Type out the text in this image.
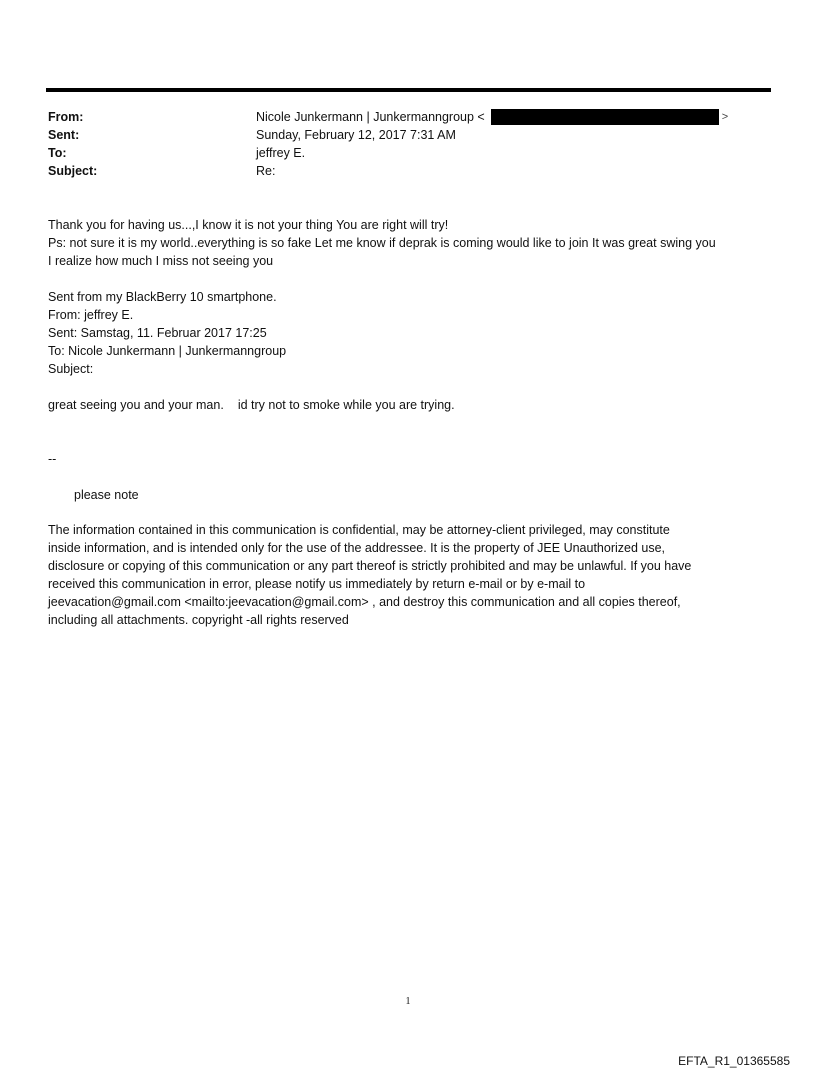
From:	Nicole Junkermann | Junkermanngroup <	>
Sent:	Sunday, February 12, 2017 7:31 AM
To:	jeffrey E.
Subject:	Re:
Thank you for having us...,I know it is not your thing You are right will try!
Ps: not sure it is my world..everything is so fake Let me know if deprak is coming would like to join It was great swing you
I realize how much I miss not seeing you
Sent from my BlackBerry 10 smartphone.
From: jeffrey E.
Sent: Samstag, 11. Februar 2017 17:25
To: Nicole Junkermann | Junkermanngroup
Subject:
great seeing you and your man. id try not to smoke while you are trying.
--
please note
The information contained in this communication is confidential, may be attorney-client privileged, may constitute
inside information, and is intended only for the use of the addressee. It is the property of JEE Unauthorized use,
disclosure or copying of this communication or any part thereof is strictly prohibited and may be unlawful. If you have
received this communication in error, please notify us immediately by return e-mail or by e-mail to
jeevacation@gmail.com <mailto:jeevacation@gmail.com> , and destroy this communication and all copies thereof,
including all attachments. copyright -all rights reserved
1
EFTA_R1_01365585
